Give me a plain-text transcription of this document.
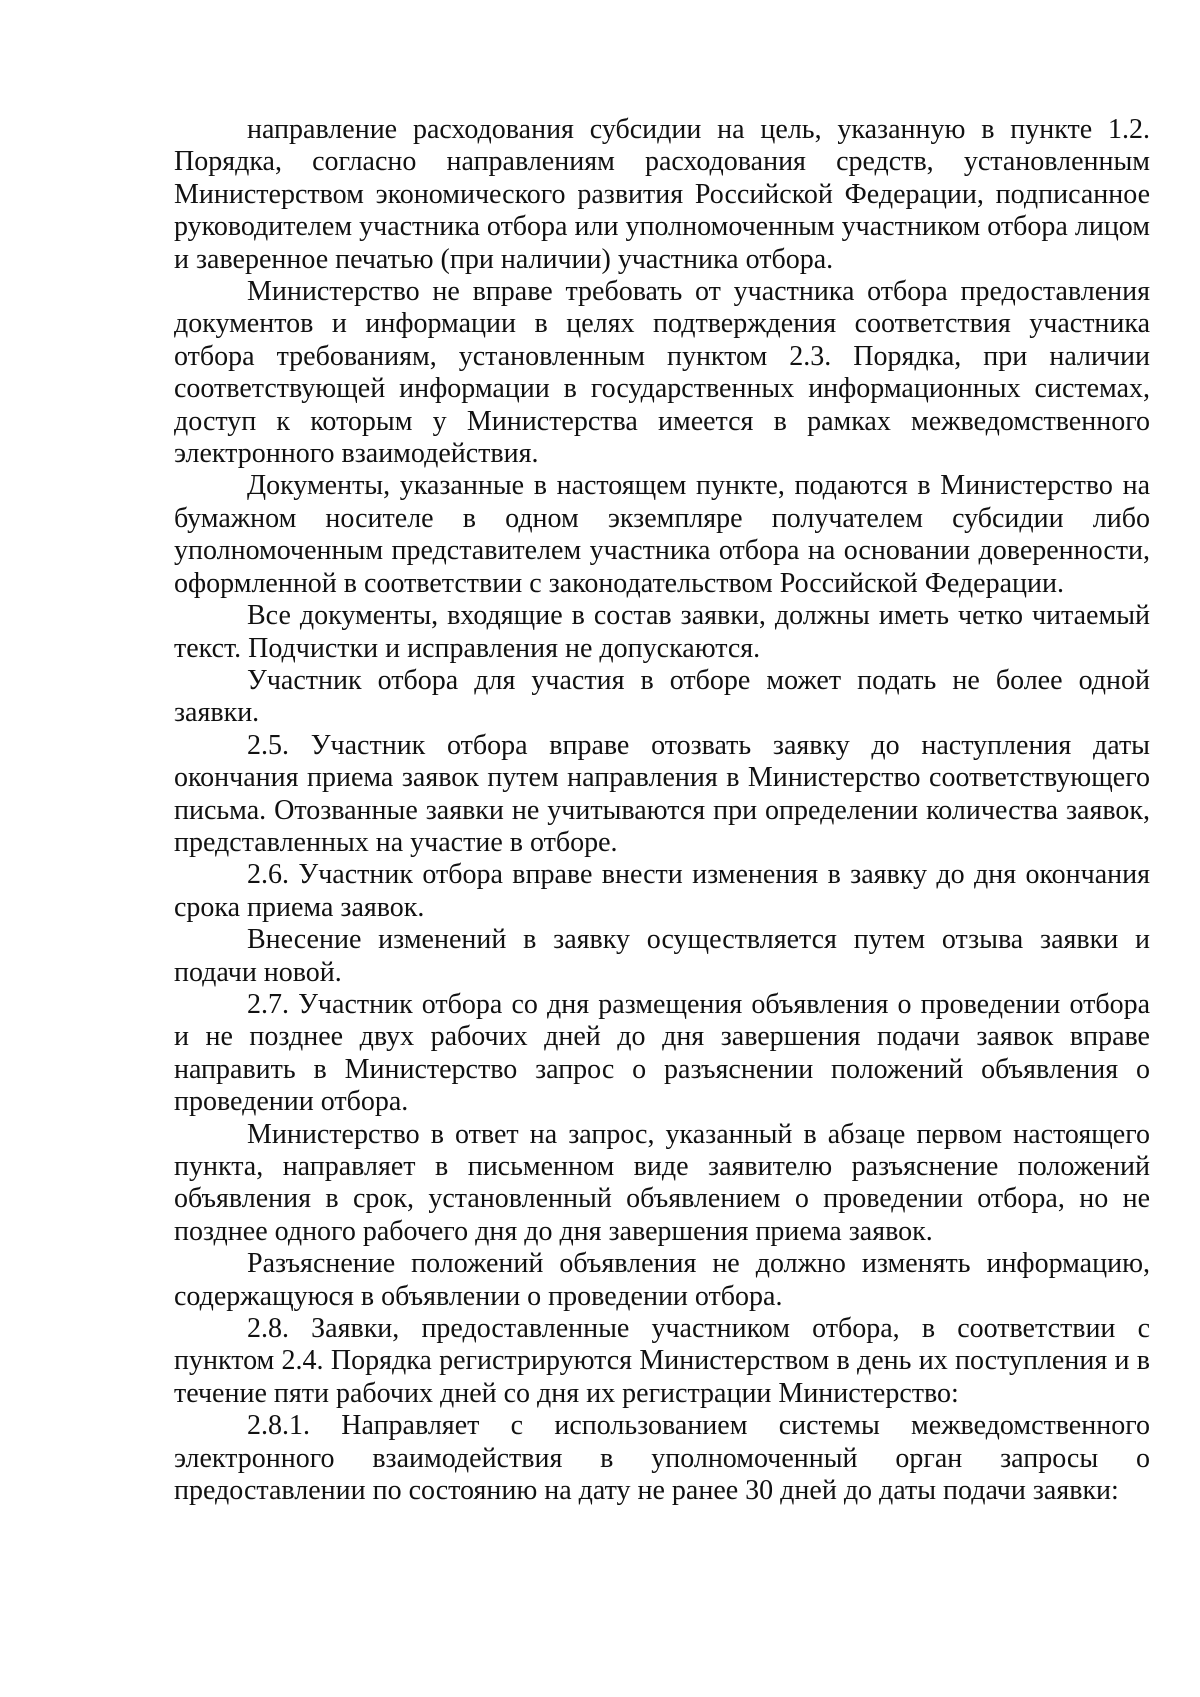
направление расходования субсидии на цель, указанную в пункте 1.2. Порядка, согласно направлениям расходования средств, установленным Министерством экономического развития Российской Федерации, подписанное руководителем участника отбора или уполномоченным участником отбора лицом и заверенное печатью (при наличии) участника отбора.

Министерство не вправе требовать от участника отбора предоставления документов и информации в целях подтверждения соответствия участника отбора требованиям, установленным пунктом 2.3. Порядка, при наличии соответствующей информации в государственных информационных системах, доступ к которым у Министерства имеется в рамках межведомственного электронного взаимодействия.

Документы, указанные в настоящем пункте, подаются в Министерство на бумажном носителе в одном экземпляре получателем субсидии либо уполномоченным представителем участника отбора на основании доверенности, оформленной в соответствии с законодательством Российской Федерации.

Все документы, входящие в состав заявки, должны иметь четко читаемый текст. Подчистки и исправления не допускаются.

Участник отбора для участия в отборе может подать не более одной заявки.

2.5. Участник отбора вправе отозвать заявку до наступления даты окончания приема заявок путем направления в Министерство соответствующего письма. Отозванные заявки не учитываются при определении количества заявок, представленных на участие в отборе.

2.6. Участник отбора вправе внести изменения в заявку до дня окончания срока приема заявок.

Внесение изменений в заявку осуществляется путем отзыва заявки и подачи новой.

2.7. Участник отбора со дня размещения объявления о проведении отбора и не позднее двух рабочих дней до дня завершения подачи заявок вправе направить в Министерство запрос о разъяснении положений объявления о проведении отбора.

Министерство в ответ на запрос, указанный в абзаце первом настоящего пункта, направляет в письменном виде заявителю разъяснение положений объявления в срок, установленный объявлением о проведении отбора, но не позднее одного рабочего дня до дня завершения приема заявок.

Разъяснение положений объявления не должно изменять информацию, содержащуюся в объявлении о проведении отбора.

2.8. Заявки, предоставленные участником отбора, в соответствии с пунктом 2.4. Порядка регистрируются Министерством в день их поступления и в течение пяти рабочих дней со дня их регистрации Министерство:

2.8.1. Направляет с использованием системы межведомственного электронного взаимодействия в уполномоченный орган запросы о предоставлении по состоянию на дату не ранее 30 дней до даты подачи заявки:
